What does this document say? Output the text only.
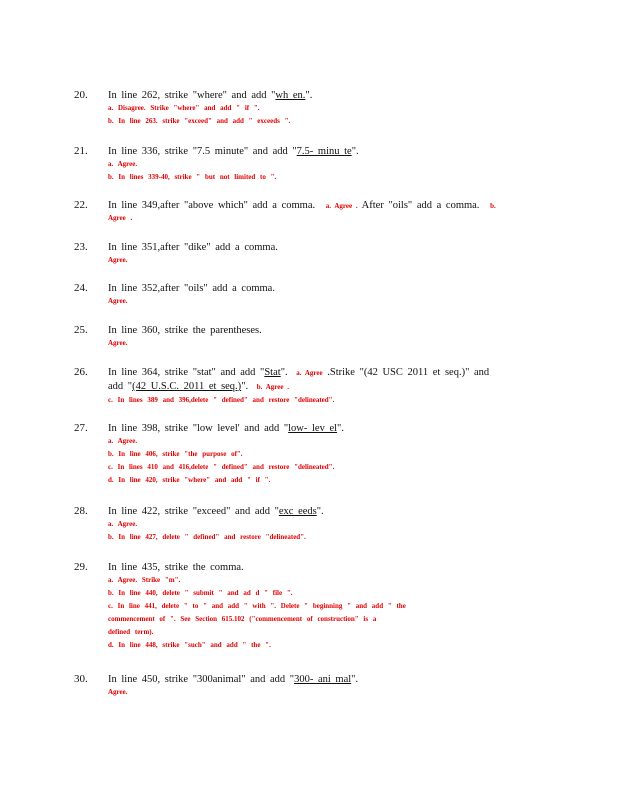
20. In line 262, strike "where" and add "wh en.".
a. Disagree. Strike "where" and add " if ".
b. In line 263. strike "exceed" and add " exceeds ".
21. In line 336, strike "7.5 minute" and add "7.5- minu te".
a. Agree.
b. In lines 339-40, strike " but not limited to ".
22. In line 349,after "above which" add a comma. a. Agree . After "oils" add a comma. b.
Agree .
23. In line 351,after "dike" add a comma.
Agree.
24. In line 352,after "oils" add a comma.
Agree.
25. In line 360, strike the parentheses.
Agree.
26. In line 364, strike "stat" and add "Stat". a. Agree .Strike "(42 USC 2011 et seq.)" and
add "(42 U.S.C. 2011 et seq.)". b. Agree .
c. In lines 389 and 396,delete " defined" and restore "delineated".
27. In line 398, strike "low level' and add "low- lev el".
a. Agree.
b. In line 406, strike "the purpose of".
c. In lines 410 and 416,delete " defined" and restore "delineated".
d. In line 420, strike "where" and add " if ".
28. In line 422, strike "exceed" and add "exc eeds".
a. Agree.
b. In line 427, delete " defined" and restore "delineated".
29. In line 435, strike the comma.
a. Agree. Strike "m".
b. In line 440, delete " submit " and ad d " file ".
c. In line 441, delete " to " and add " with ". Delete " beginning " and add " the
commencement of ". See Section 615.102 ("commencement of construction" is a
defined term).
d. In line 448, strike "such" and add " the ".
30. In line 450, strike "300animal" and add "300- ani mal".
Agree.
